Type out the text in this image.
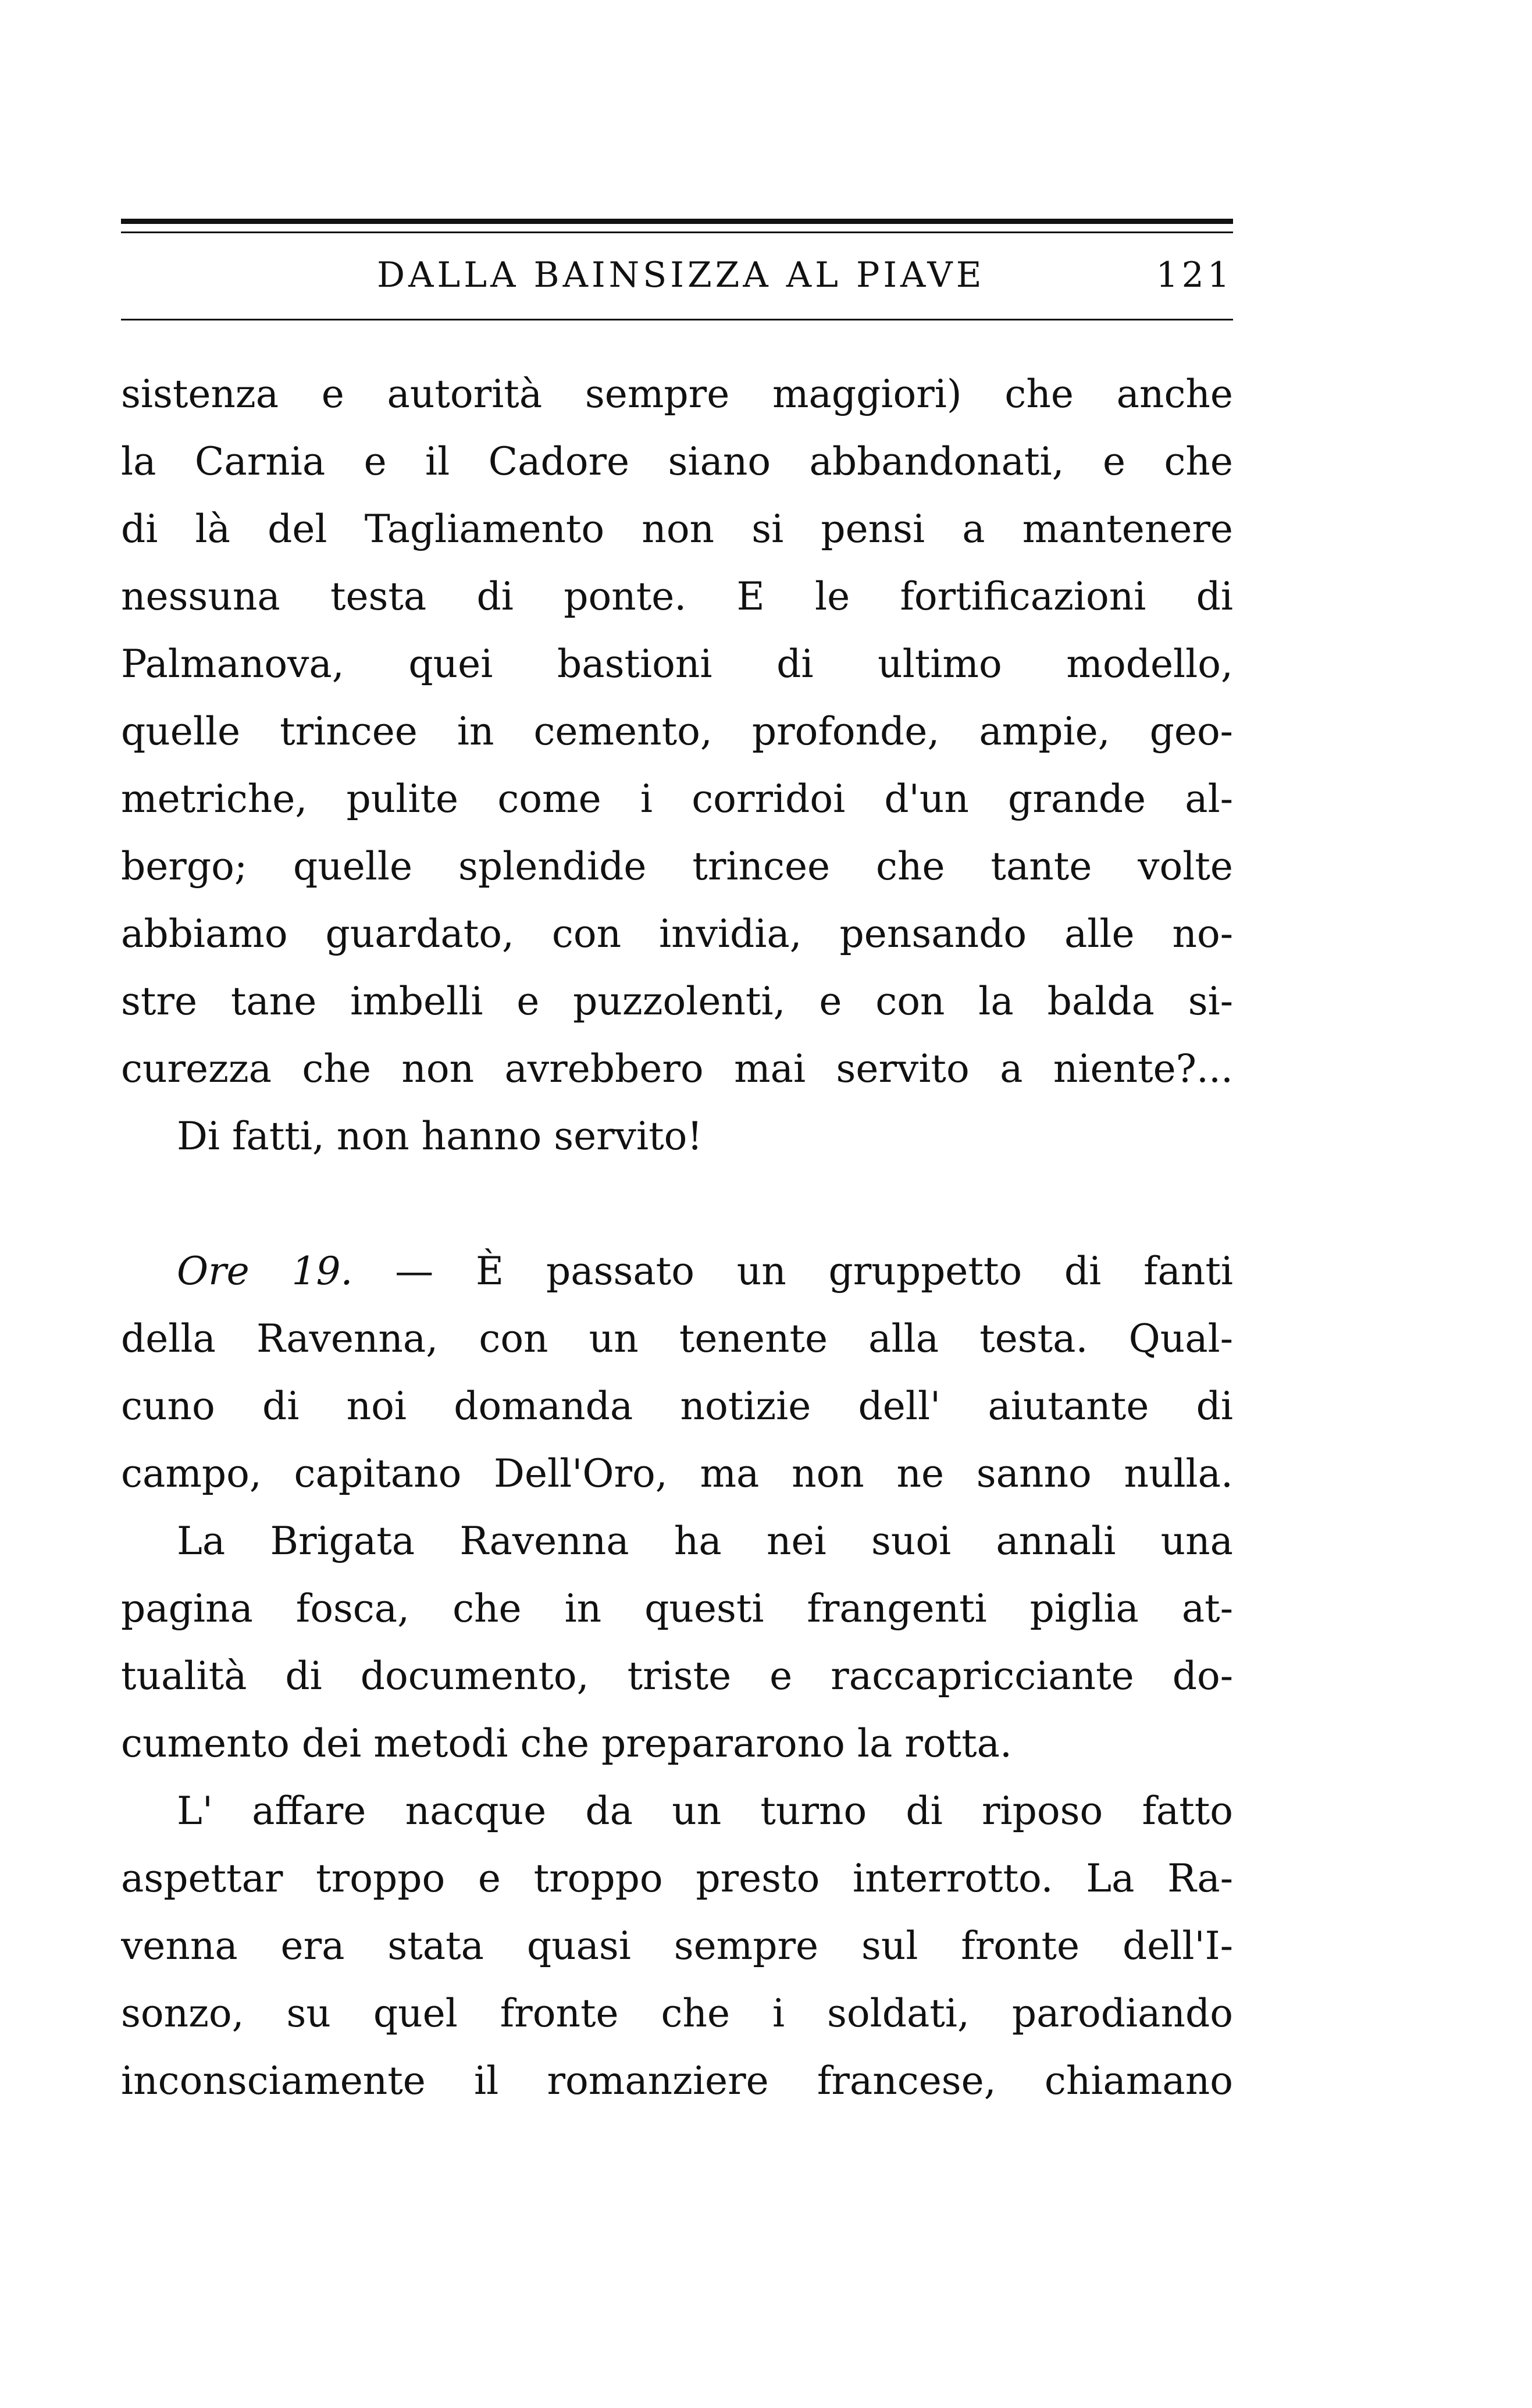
DALLA BAINSIZZA AL PIAVE	121
sistenza e autorità sempre maggiori) che anche
la Carnia e il Cadore siano abbandonati, e che
di là del Tagliamento non si pensi a mantenere
nessuna testa di ponte. E le fortificazioni di
Palmanova, quei bastioni di ultimo modello,
quelle trincee in cemento, profonde, ampie, geo-
metriche, pulite come i corridoi d'un grande al-
bergo; quelle splendide trincee che tante volte
abbiamo guardato, con invidia, pensando alle no-
stre tane imbelli e puzzolenti, e con la balda si-
curezza che non avrebbero mai servito a niente?...
Di fatti, non hanno servito!
Ore 19. — È passato un gruppetto di fanti
della Ravenna, con un tenente alla testa. Qual-
cuno di noi domanda notizie dell' aiutante di
campo, capitano Dell'Oro, ma non ne sanno nulla.
La Brigata Ravenna ha nei suoi annali una
pagina fosca, che in questi frangenti piglia at-
tualità di documento, triste e raccapricciante do-
cumento dei metodi che prepararono la rotta.
L' affare nacque da un turno di riposo fatto
aspettar troppo e troppo presto interrotto. La Ra-
venna era stata quasi sempre sul fronte dell'I-
sonzo, su quel fronte che i soldati, parodiando
inconsciamente il romanziere francese, chiamano
